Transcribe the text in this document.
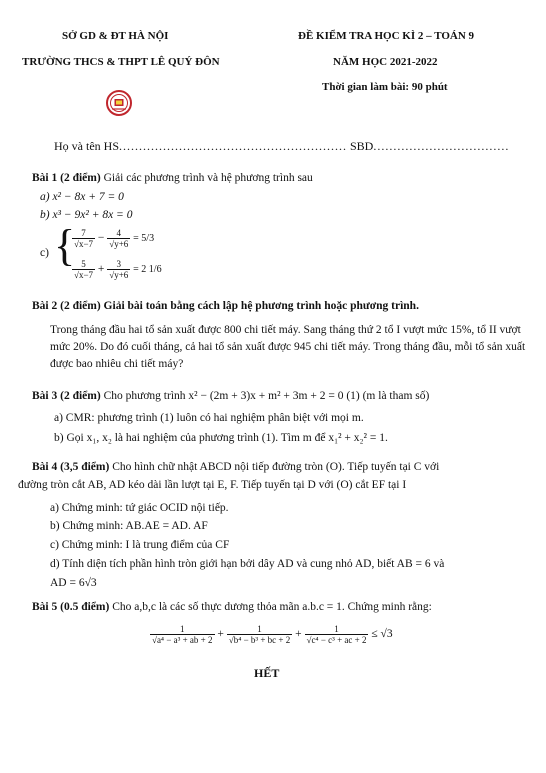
SỞ GD & ĐT HÀ NỘI
TRƯỜNG THCS & THPT LÊ QUÝ ĐÔN
ĐỀ KIỂM TRA HỌC KÌ 2 – TOÁN 9
NĂM HỌC 2021-2022
Thời gian làm bài: 90 phút
Họ và tên HS......................................................... SBD..................................
Bài 1 (2 điểm) Giải các phương trình và hệ phương trình sau
a) x² − 8x + 7 = 0
b) x³ − 9x² + 8x = 0
c) {
$\frac{7}{√x-7} - \frac{4}{√y+6} = 5/3$
$\frac{5}{√x-7} + \frac{3}{√y+6} = 2$ 1/6
Bài 2 (2 điểm) Giải bài toán bằng cách lập hệ phương trình hoặc phương trình.
Trong tháng đầu hai tổ sản xuất được 800 chi tiết máy. Sang tháng thứ 2 tổ I vượt mức 15%, tổ II vượt mức 20%. Do đó cuối tháng, cả hai tổ sản xuất được 945 chi tiết máy. Trong tháng đầu, mỗi tổ sản xuất được bao nhiêu chi tiết máy?
Bài 3 (2 điểm) Cho phương trình x² − (2m + 3)x + m² + 3m + 2 = 0 (1) (m là tham số)
a) CMR: phương trình (1) luôn có hai nghiệm phân biệt với mọi m.
b) Gọi x₁, x₂ là hai nghiệm của phương trình (1). Tìm m để x₁² + x₂² = 1.
Bài 4 (3,5 điểm) Cho hình chữ nhật ABCD nội tiếp đường tròn (O). Tiếp tuyến tại C với
đường tròn cắt AB, AD kéo dài lần lượt tại E, F. Tiếp tuyến tại D với (O) cắt EF tại I
a) Chứng minh: tứ giác OCID nội tiếp.
b) Chứng minh: AB.AE = AD. AF
c) Chứng minh: I là trung điểm của CF
d) Tính diện tích phần hình tròn giới hạn bởi dây AD và cung nhỏ AD, biết AB = 6 và
AD = 6√3
Bài 5 (0.5 điểm) Cho a,b,c là các số thực dương thỏa mãn a.b.c = 1. Chứng minh rằng:
$\frac{1}{\text{√a⁴ − a³ + ab + 2}} + \frac{1}{\text{√b⁴ − b³ + bc + 2}} + \frac{1}{\text{√c⁴ − c³ + ac + 2}} \le √3$
HẾT
